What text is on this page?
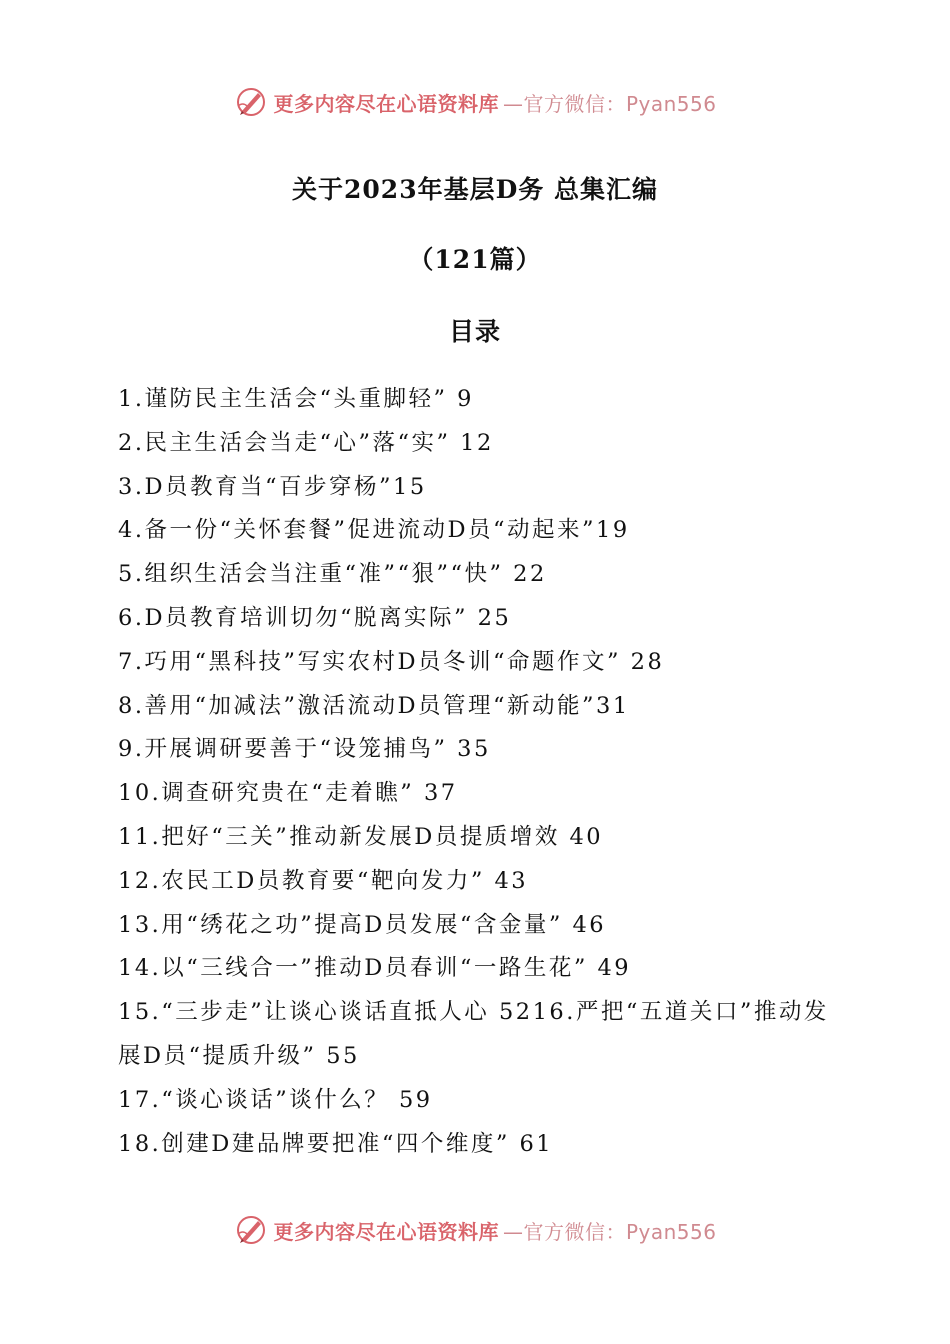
更多内容尽在心语资料库 —官方微信：Pyan556
关于2023年基层D务 总集汇编
（121篇）
目录
1.谨防民主生活会“头重脚轻” 9
2.民主生活会当走“心”落“实” 12
3.D员教育当“百步穿杨”15
4.备一份“关怀套餐”促进流动D员“动起来”19
5.组织生活会当注重“准”“狠”“快” 22
6.D员教育培训切勿“脱离实际” 25
7.巧用“黑科技”写实农村D员冬训“命题作文” 28
8.善用“加减法”激活流动D员管理“新动能”31
9.开展调研要善于“设笼捕鸟” 35
10.调查研究贵在“走着瞧” 37
11.把好“三关”推动新发展D员提质增效 40
12.农民工D员教育要“靶向发力” 43
13.用“绣花之功”提高D员发展“含金量” 46
14.以“三线合一”推动D员春训“一路生花” 49
15.“三步走”让谈心谈话直抵人心 5216.严把“五道关口”推动发展D员“提质升级” 55
17.“谈心谈话”谈什么？ 59
18.创建D建品牌要把准“四个维度” 61
更多内容尽在心语资料库 —官方微信：Pyan556
